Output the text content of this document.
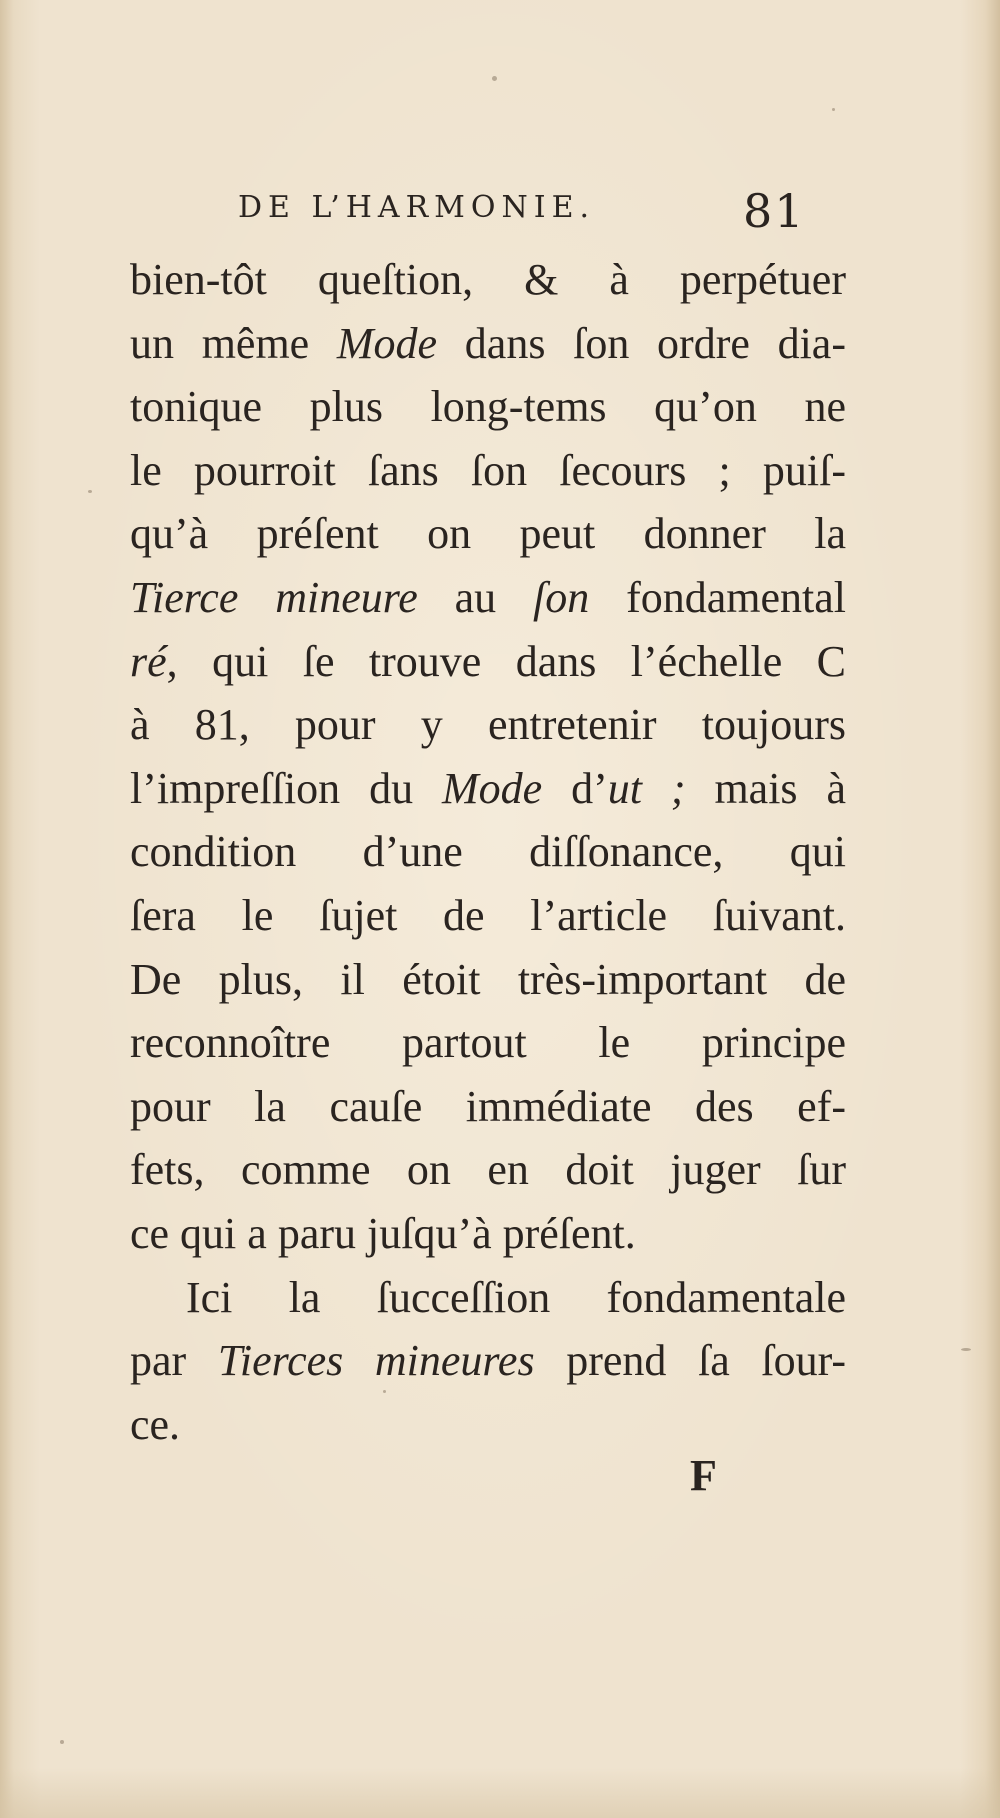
DE L’HARMONIE.	81
bien-tôt queſtion, & à perpétuer
un même Mode dans ſon ordre dia-
tonique plus long-tems qu’on ne
le pourroit ſans ſon ſecours ; puiſ-
qu’à préſent on peut donner la
Tierce mineure au ſon fondamental
ré, qui ſe trouve dans l’échelle C
à 81, pour y entretenir toujours
l’impreſſion du Mode d’ut ; mais à
condition d’une diſſonance, qui
ſera le ſujet de l’article ſuivant.
De plus, il étoit très-important de
reconnoître partout le principe
pour la cauſe immédiate des ef-
fets, comme on en doit juger ſur
ce qui a paru juſqu’à préſent.
Ici la ſucceſſion fondamentale
par Tierces mineures prend ſa ſour-
ce.
F
